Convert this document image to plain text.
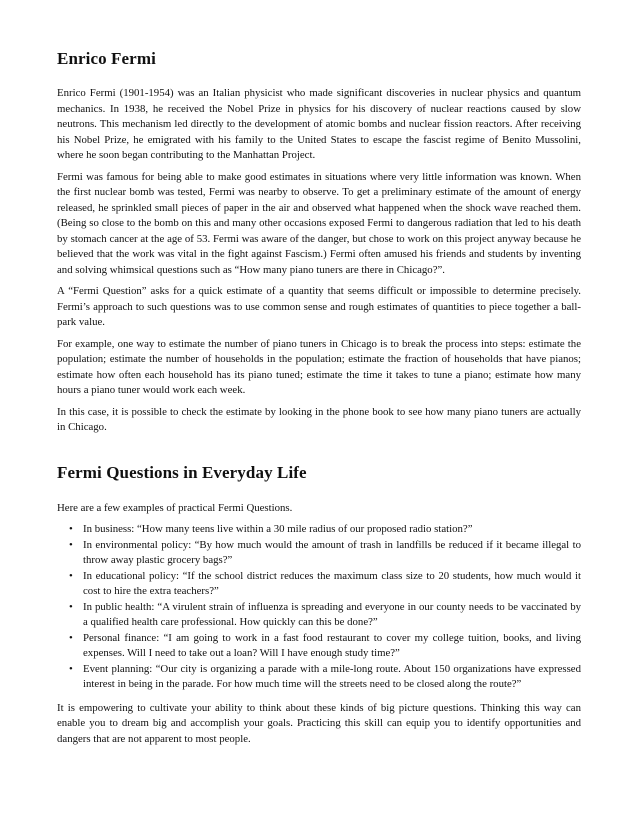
Enrico Fermi

Enrico Fermi (1901-1954) was an Italian physicist who made significant discoveries in nuclear physics and quantum mechanics. In 1938, he received the Nobel Prize in physics for his discovery of nuclear reactions caused by slow neutrons. This mechanism led directly to the development of atomic bombs and nuclear fission reactors. After receiving his Nobel Prize, he emigrated with his family to the United States to escape the fascist regime of Benito Mussolini, where he soon began contributing to the Manhattan Project.

Fermi was famous for being able to make good estimates in situations where very little information was known. When the first nuclear bomb was tested, Fermi was nearby to observe. To get a preliminary estimate of the amount of energy released, he sprinkled small pieces of paper in the air and observed what happened when the shock wave reached them. (Being so close to the bomb on this and many other occasions exposed Fermi to dangerous radiation that led to his death by stomach cancer at the age of 53. Fermi was aware of the danger, but chose to work on this project anyway because he believed that the work was vital in the fight against Fascism.) Fermi often amused his friends and students by inventing and solving whimsical questions such as “How many piano tuners are there in Chicago?”.

A “Fermi Question” asks for a quick estimate of a quantity that seems difficult or impossible to determine precisely. Fermi’s approach to such questions was to use common sense and rough estimates of quantities to piece together a ball-park value.

For example, one way to estimate the number of piano tuners in Chicago is to break the process into steps: estimate the population; estimate the number of households in the population; estimate the fraction of households that have pianos; estimate how often each household has its piano tuned; estimate the time it takes to tune a piano; estimate how many hours a piano tuner would work each week.

In this case, it is possible to check the estimate by looking in the phone book to see how many piano tuners are actually in Chicago.

Fermi Questions in Everyday Life

Here are a few examples of practical Fermi Questions.

• In business: “How many teens live within a 30 mile radius of our proposed radio station?”
• In environmental policy: “By how much would the amount of trash in landfills be reduced if it became illegal to throw away plastic grocery bags?”
• In educational policy: “If the school district reduces the maximum class size to 20 students, how much would it cost to hire the extra teachers?”
• In public health: “A virulent strain of influenza is spreading and everyone in our county needs to be vaccinated by a qualified health care professional. How quickly can this be done?”
• Personal finance: “I am going to work in a fast food restaurant to cover my college tuition, books, and living expenses. Will I need to take out a loan? Will I have enough study time?”
• Event planning: “Our city is organizing a parade with a mile-long route. About 150 organizations have expressed interest in being in the parade. For how much time will the streets need to be closed along the route?”

It is empowering to cultivate your ability to think about these kinds of big picture questions. Thinking this way can enable you to dream big and accomplish your goals. Practicing this skill can equip you to identify opportunities and dangers that are not apparent to most people.
